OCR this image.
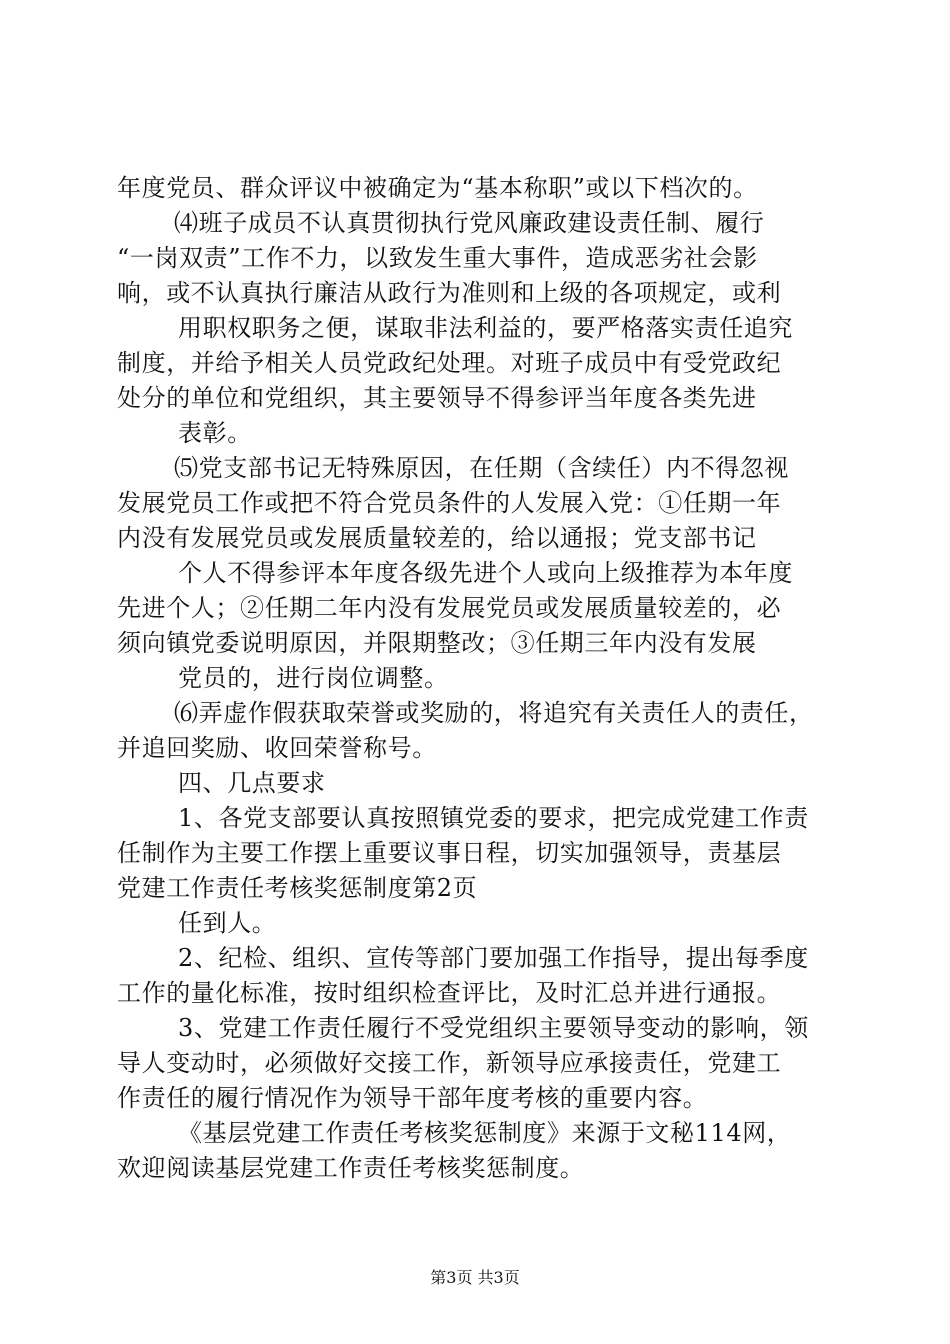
年度党员、群众评议中被确定为“基本称职”或以下档次的。
⑷班子成员不认真贯彻执行党风廉政建设责任制、履行
“一岗双责”工作不力，以致发生重大事件，造成恶劣社会影
响，或不认真执行廉洁从政行为准则和上级的各项规定，或利
用职权职务之便，谋取非法利益的，要严格落实责任追究
制度，并给予相关人员党政纪处理。对班子成员中有受党政纪
处分的单位和党组织，其主要领导不得参评当年度各类先进
表彰。
⑸党支部书记无特殊原因，在任期（含续任）内不得忽视
发展党员工作或把不符合党员条件的人发展入党：①任期一年
内没有发展党员或发展质量较差的，给以通报；党支部书记
个人不得参评本年度各级先进个人或向上级推荐为本年度
先进个人；②任期二年内没有发展党员或发展质量较差的，必
须向镇党委说明原因，并限期整改；③任期三年内没有发展
党员的，进行岗位调整。
⑹弄虚作假获取荣誉或奖励的，将追究有关责任人的责任，
并追回奖励、收回荣誉称号。
四、几点要求
1、各党支部要认真按照镇党委的要求，把完成党建工作责
任制作为主要工作摆上重要议事日程，切实加强领导，责基层
党建工作责任考核奖惩制度第2页
任到人。
2、纪检、组织、宣传等部门要加强工作指导，提出每季度
工作的量化标准，按时组织检查评比，及时汇总并进行通报。
3、党建工作责任履行不受党组织主要领导变动的影响，领
导人变动时，必须做好交接工作，新领导应承接责任，党建工
作责任的履行情况作为领导干部年度考核的重要内容。
《基层党建工作责任考核奖惩制度》来源于文秘114网，
欢迎阅读基层党建工作责任考核奖惩制度。
第3页 共3页
